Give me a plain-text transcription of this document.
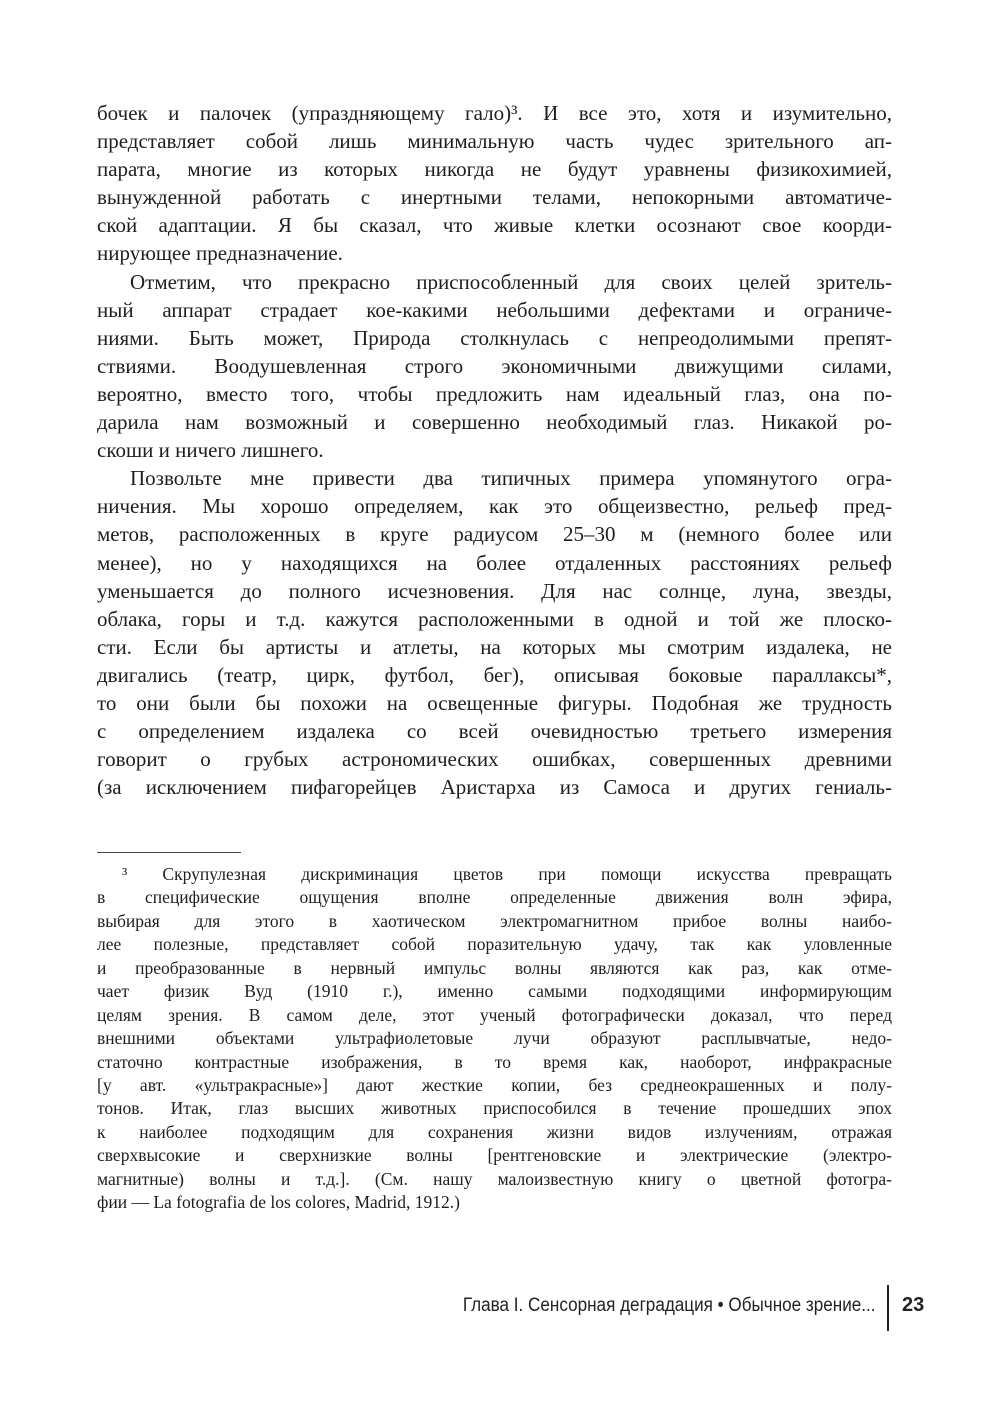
бочек и палочек (упраздняющему гало)³. И все это, хотя и изумительно,
представляет собой лишь минимальную часть чудес зрительного ап-
парата, многие из которых никогда не будут уравнены физикохимией,
вынужденной работать с инертными телами, непокорными автоматиче-
ской адаптации. Я бы сказал, что живые клетки осознают свое коорди-
нирующее предназначение.
Отметим, что прекрасно приспособленный для своих целей зритель-
ный аппарат страдает кое-какими небольшими дефектами и ограниче-
ниями. Быть может, Природа столкнулась с непреодолимыми препят-
ствиями. Воодушевленная строго экономичными движущими силами,
вероятно, вместо того, чтобы предложить нам идеальный глаз, она по-
дарила нам возможный и совершенно необходимый глаз. Никакой ро-
скоши и ничего лишнего.
Позвольте мне привести два типичных примера упомянутого огра-
ничения. Мы хорошо определяем, как это общеизвестно, рельеф пред-
метов, расположенных в круге радиусом 25–30 м (немного более или
менее), но у находящихся на более отдаленных расстояниях рельеф
уменьшается до полного исчезновения. Для нас солнце, луна, звезды,
облака, горы и т.д. кажутся расположенными в одной и той же плоско-
сти. Если бы артисты и атлеты, на которых мы смотрим издалека, не
двигались (театр, цирк, футбол, бег), описывая боковые параллаксы*,
то они были бы похожи на освещенные фигуры. Подобная же трудность
с определением издалека со всей очевидностью третьего измерения
говорит о грубых астрономических ошибках, совершенных древними
(за исключением пифагорейцев Аристарха из Самоса и других гениаль-
³ Скрупулезная дискриминация цветов при помощи искусства превращать
в специфические ощущения вполне определенные движения волн эфира,
выбирая для этого в хаотическом электромагнитном прибое волны наибо-
лее полезные, представляет собой поразительную удачу, так как уловленные
и преобразованные в нервный импульс волны являются как раз, как отме-
чает физик Вуд (1910 г.), именно самыми подходящими информирующим
целям зрения. В самом деле, этот ученый фотографически доказал, что перед
внешними объектами ультрафиолетовые лучи образуют расплывчатые, недо-
статочно контрастные изображения, в то время как, наоборот, инфракрасные
[у авт. «ультракрасные»] дают жесткие копии, без среднеокрашенных и полу-
тонов. Итак, глаз высших животных приспособился в течение прошедших эпох
к наиболее подходящим для сохранения жизни видов излучениям, отражая
сверхвысокие и сверхнизкие волны [рентгеновские и электрические (электро-
магнитные) волны и т.д.]. (См. нашу малоизвестную книгу о цветной фотогра-
фии — La fotografia de los colores, Madrid, 1912.)
Глава I. Сенсорная деградация • Обычное зрение... 23
